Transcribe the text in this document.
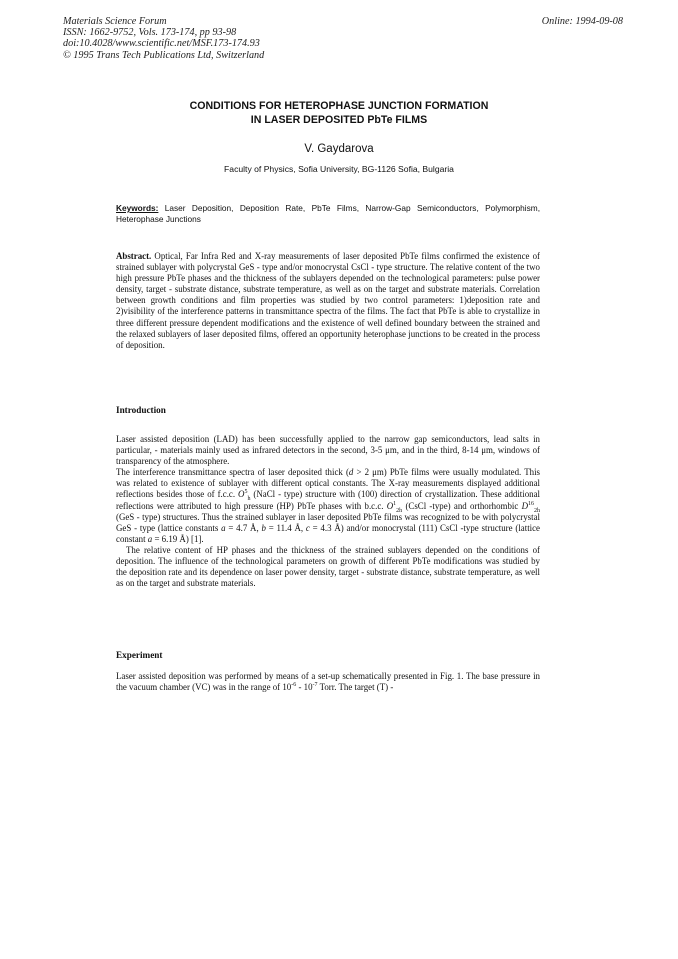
Materials Science Forum
ISSN: 1662-9752, Vols. 173-174, pp 93-98
doi:10.4028/www.scientific.net/MSF.173-174.93
© 1995 Trans Tech Publications Ltd, Switzerland
Online: 1994-09-08
CONDITIONS FOR HETEROPHASE JUNCTION FORMATION
IN LASER DEPOSITED PbTe FILMS
V. Gaydarova
Faculty of Physics, Sofia University, BG-1126 Sofia, Bulgaria
Keywords: Laser Deposition, Deposition Rate, PbTe Films, Narrow-Gap Semiconductors, Polymorphism, Heterophase Junctions

Abstract. Optical, Far Infra Red and X-ray measurements of laser deposited PbTe films confirmed the existence of strained sublayer with polycrystal GeS - type and/or monocrystal CsCl - type structure. The relative content of the two high pressure PbTe phases and the thickness of the sublayers depended on the technological parameters: pulse power density, target - substrate distance, substrate temperature, as well as on the target and substrate materials. Correlation between growth conditions and film properties was studied by two control parameters: 1)deposition rate and 2)visibility of the interference patterns in transmittance spectra of the films. The fact that PbTe is able to crystallize in three different pressure dependent modifications and the existence of well defined boundary between the strained and the relaxed sublayers of laser deposited films, offered an opportunity heterophase junctions to be created in the process of deposition.

Introduction

Laser assisted deposition (LAD) has been successfully applied to the narrow gap semiconductors, lead salts in particular, - materials mainly used as infrared detectors in the second, 3-5 μm, and in the third, 8-14 μm, windows of transparency of the atmosphere.

The interference transmittance spectra of laser deposited thick (d > 2 μm) PbTe films were usually modulated. This was related to existence of sublayer with different optical constants. The X-ray measurements displayed additional reflections besides those of f.c.c. $O^5_h$ (NaCl - type) structure with (100) direction of crystallization. These additional reflections were attributed to high pressure (HP) PbTe phases with b.c.c. $O^1_{2h}$ (CsCl -type) and orthorhombic $D^{16}_{2h}$ (GeS - type) structures. Thus the strained sublayer in laser deposited PbTe films was recognized to be with polycrystal GeS - type (lattice constants a = 4.7 Å, b = 11.4 Å, c = 4.3 Å) and/or monocrystal (111) CsCl -type structure (lattice constant a = 6.19 Å) [1].

The relative content of HP phases and the thickness of the strained sublayers depended on the conditions of deposition. The influence of the technological parameters on growth of different PbTe modifications was studied by the deposition rate and its dependence on laser power density, target - substrate distance, substrate temperature, as well as on the target and substrate materials.

Experiment

Laser assisted deposition was performed by means of a set-up schematically presented in Fig. 1. The base pressure in the vacuum chamber (VC) was in the range of $10^{-6} - 10^{-7}$ Torr. The target (T) -
